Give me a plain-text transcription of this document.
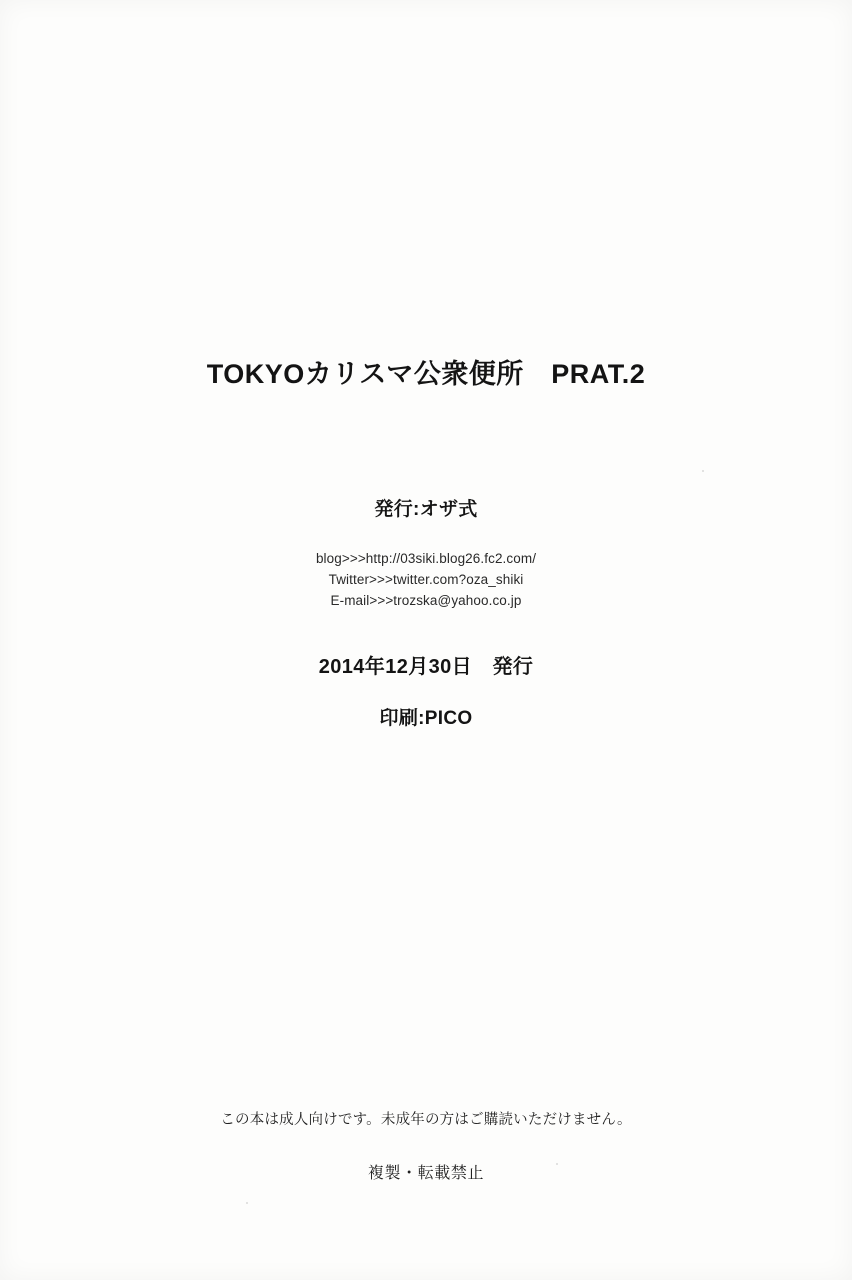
TOKYOカリスマ公衆便所　PRAT.2
発行:オザ式
blog>>>http://03siki.blog26.fc2.com/
Twitter>>>twitter.com?oza_shiki
E-mail>>>trozska@yahoo.co.jp
2014年12月30日　発行
印刷:PICO
この本は成人向けです。未成年の方はご購読いただけません。
複製・転載禁止
